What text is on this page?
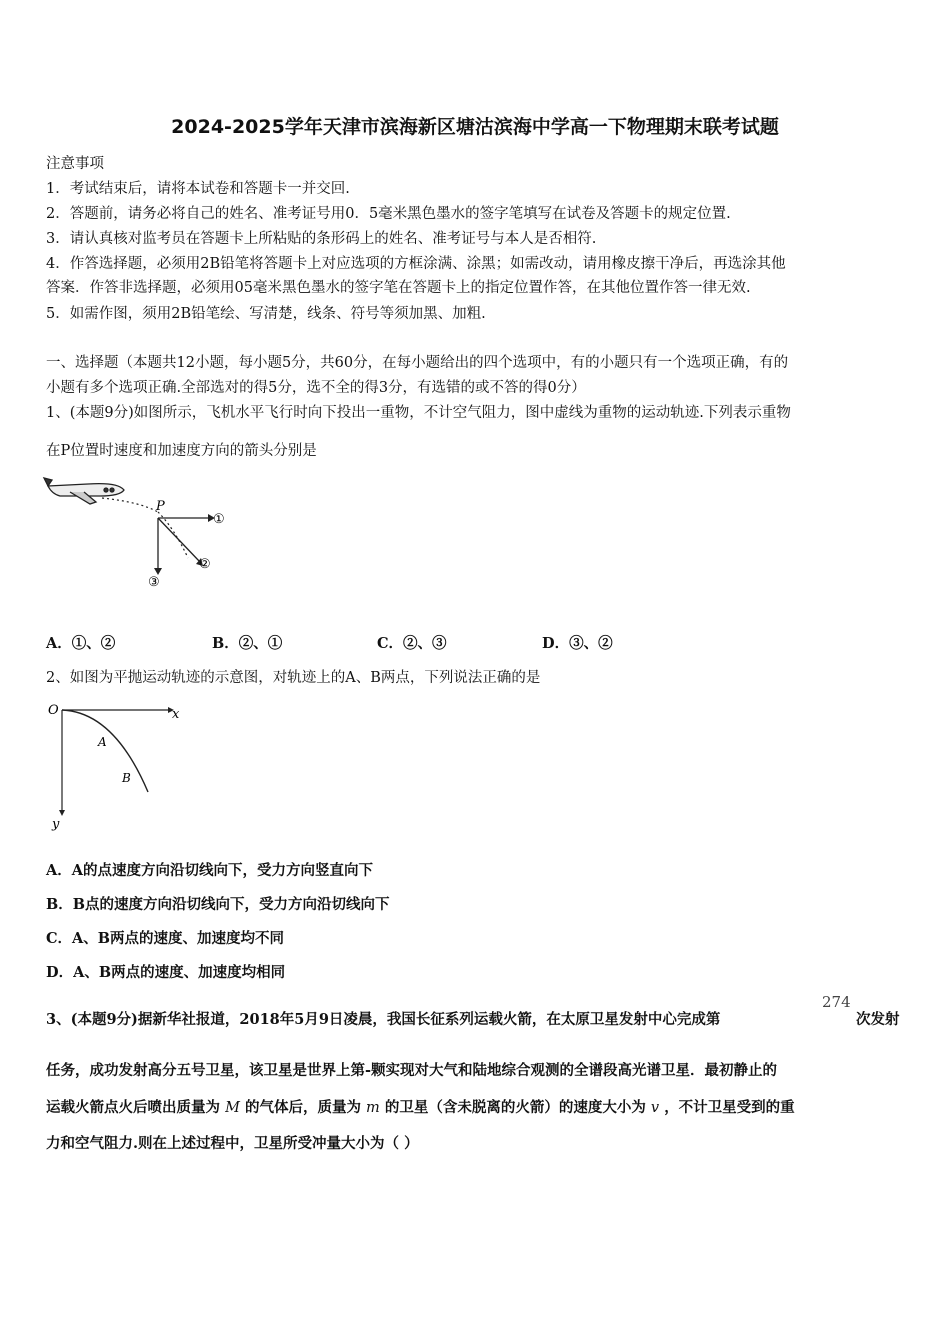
2024-2025学年天津市滨海新区塘沽滨海中学高一下物理期末联考试题
注意事项
1．考试结束后，请将本试卷和答题卡一并交回.
2．答题前，请务必将自己的姓名、准考证号用0．5毫米黑色墨水的签字笔填写在试卷及答题卡的规定位置.
3．请认真核对监考员在答题卡上所粘贴的条形码上的姓名、准考证号与本人是否相符.
4．作答选择题，必须用2B铅笔将答题卡上对应选项的方框涂满、涂黑；如需改动，请用橡皮擦干净后，再选涂其他
答案．作答非选择题，必须用05毫米黑色墨水的签字笔在答题卡上的指定位置作答，在其他位置作答一律无效.
5．如需作图，须用2B铅笔绘、写清楚，线条、符号等须加黑、加粗.
一、选择题（本题共12小题，每小题5分，共60分，在每小题给出的四个选项中，有的小题只有一个选项正确，有的
小题有多个选项正确.全部选对的得5分，选不全的得3分，有选错的或不答的得0分）
1、(本题9分)如图所示，飞机水平飞行时向下投出一重物，不计空气阻力，图中虚线为重物的运动轨迹.下列表示重物
在P位置时速度和加速度方向的箭头分别是
P
①
②
③
A．①、②	B．②、①	C．②、③	D．③、②
2、如图为平抛运动轨迹的示意图，对轨迹上的A、B两点，下列说法正确的是
O	x
y
A
B
A．A的点速度方向沿切线向下，受力方向竖直向下
B．B点的速度方向沿切线向下，受力方向沿切线向下
C．A、B两点的速度、加速度均不同
D．A、B两点的速度、加速度均相同
3、(本题9分)据新华社报道，2018年5月9日凌晨，我国长征系列运载火箭，在太原卫星发射中心完成第
274
次发射
任务，成功发射高分五号卫星，该卫星是世界上第-颗实现对大气和陆地综合观测的全谱段高光谱卫星．最初静止的
运载火箭点火后喷出质量为 M 的气体后，质量为 m 的卫星（含未脱离的火箭）的速度大小为 v ，不计卫星受到的重
力和空气阻力.则在上述过程中，卫星所受冲量大小为（ ）
